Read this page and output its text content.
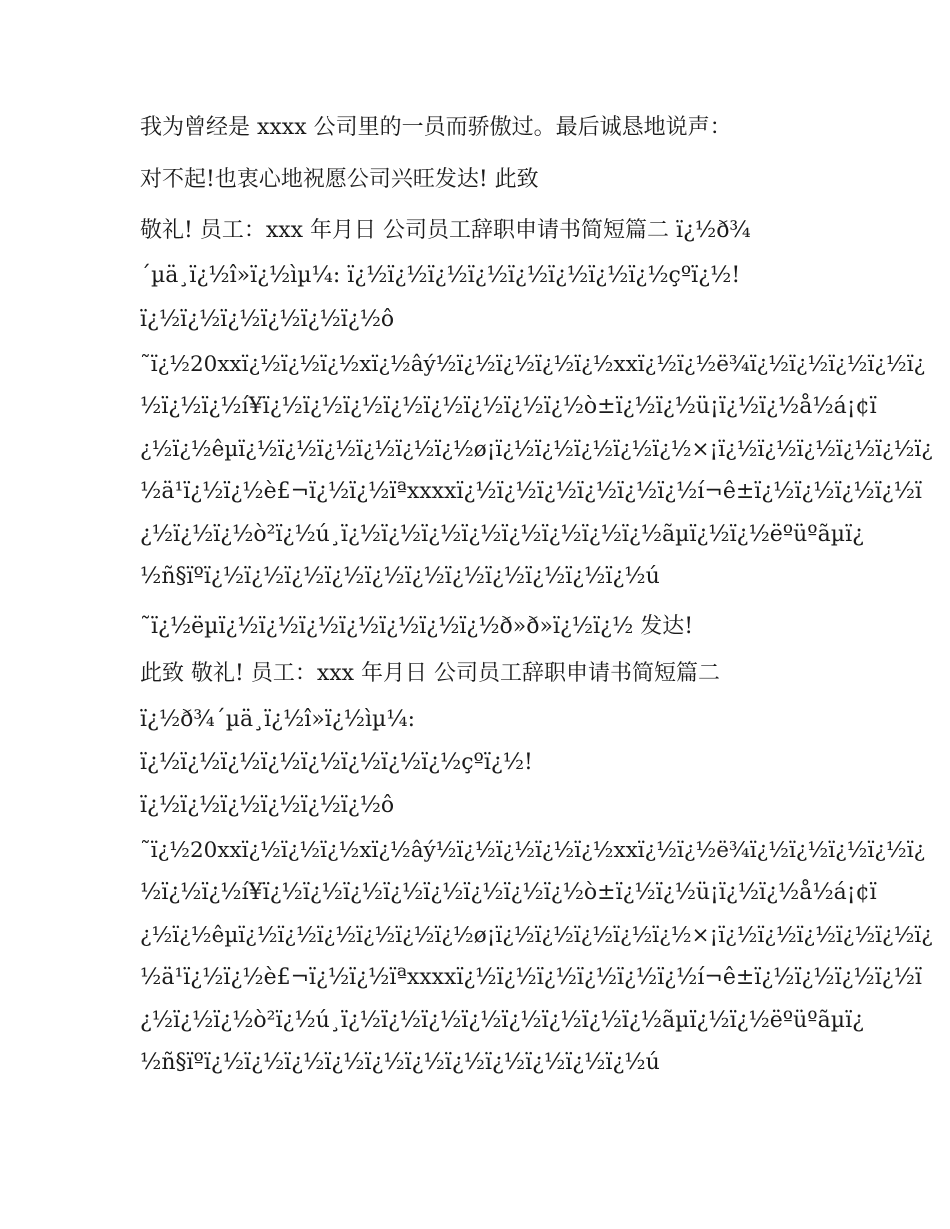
我为曾经是 xxxx 公司里的一员而骄傲过。最后诚恳地说声：

对不起!也衷心地祝愿公司兴旺发达! 此致

敬礼! 员工：xxx 年月日 公司员工辞职申请书简短篇二 ï¿½ð¾

´µä¸ï¿½î»ï¿½ìµ¼: ï¿½ï¿½ï¿½ï¿½ï¿½ï¿½ï¿½ï¿½çºï¿½!

ï¿½ï¿½ï¿½ï¿½ï¿½ï¿½ô

˜ï¿½20xxï¿½ï¿½ï¿½xï¿½âý½ï¿½ï¿½ï¿½ï¿½xxï¿½ï¿½ë¾ï¿½ï¿½ï¿½ï¿½ï¿

½ï¿½ï¿½í¥ï¿½ï¿½ï¿½ï¿½ï¿½ï¿½ï¿½ï¿½ò±ï¿½ï¿½ü¡ï¿½ï¿½å½á¡¢ï

¿½ï¿½êµï¿½ï¿½ï¿½ï¿½ï¿½ï¿½ø¡ï¿½ï¿½ï¿½ï¿½ï¿½×¡ï¿½ï¿½ï¿½ï¿½ï¿½ï¿

½ä¹ï¿½ï¿½è£¬ï¿½ï¿½ïªxxxxï¿½ï¿½ï¿½ï¿½ï¿½ï¿½í¬ê±ï¿½ï¿½ï¿½ï¿½ï

¿½ï¿½ï¿½ò²ï¿½ú¸ï¿½ï¿½ï¿½ï¿½ï¿½ï¿½ï¿½ï¿½ãµï¿½ï¿½ëºüºãµï¿

½ñ§ïºï¿½ï¿½ï¿½ï¿½ï¿½ï¿½ï¿½ï¿½ï¿½ï¿½ï¿½ú

˜ï¿½ëµï¿½ï¿½ï¿½ï¿½ï¿½ï¿½ï¿½ð»ð»ï¿½ï¿½ 发达!

此致 敬礼! 员工：xxx 年月日 公司员工辞职申请书简短篇二

ï¿½ð¾´µä¸ï¿½î»ï¿½ìµ¼:

ï¿½ï¿½ï¿½ï¿½ï¿½ï¿½ï¿½ï¿½çºï¿½!

ï¿½ï¿½ï¿½ï¿½ï¿½ï¿½ô

˜ï¿½20xxï¿½ï¿½ï¿½xï¿½âý½ï¿½ï¿½ï¿½ï¿½xxï¿½ï¿½ë¾ï¿½ï¿½ï¿½ï¿½ï¿

½ï¿½ï¿½í¥ï¿½ï¿½ï¿½ï¿½ï¿½ï¿½ï¿½ï¿½ò±ï¿½ï¿½ü¡ï¿½ï¿½å½á¡¢ï

¿½ï¿½êµï¿½ï¿½ï¿½ï¿½ï¿½ï¿½ø¡ï¿½ï¿½ï¿½ï¿½ï¿½×¡ï¿½ï¿½ï¿½ï¿½ï¿½ï¿

½ä¹ï¿½ï¿½è£¬ï¿½ï¿½ïªxxxxï¿½ï¿½ï¿½ï¿½ï¿½ï¿½í¬ê±ï¿½ï¿½ï¿½ï¿½ï

¿½ï¿½ï¿½ò²ï¿½ú¸ï¿½ï¿½ï¿½ï¿½ï¿½ï¿½ï¿½ï¿½ãµï¿½ï¿½ëºüºãµï¿

½ñ§ïºï¿½ï¿½ï¿½ï¿½ï¿½ï¿½ï¿½ï¿½ï¿½ï¿½ï¿½ú
